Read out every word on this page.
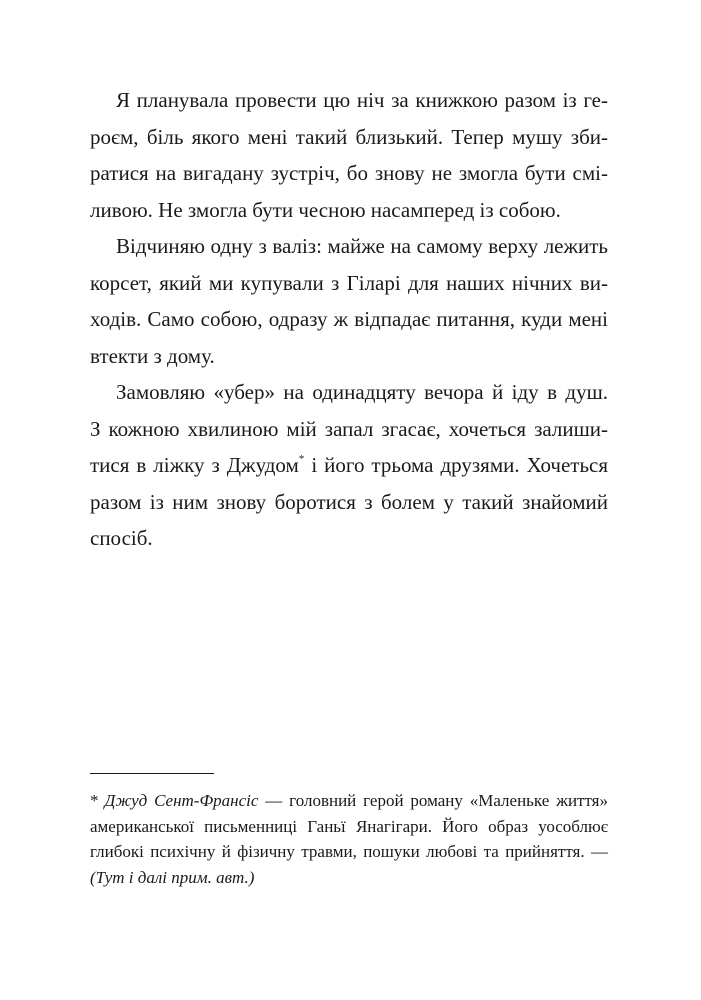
Я планувала провести цю ніч за книжкою разом із ге-
роєм, біль якого мені такий близький. Тепер мушу зби-
ратися на вигадану зустріч, бо знову не змогла бути смі-
ливою. Не змогла бути чесною насамперед із собою.
Відчиняю одну з валіз: майже на самому верху лежить
корсет, який ми купували з Гіларі для наших нічних ви-
ходів. Само собою, одразу ж відпадає питання, куди мені
втекти з дому.
Замовляю «убер» на одинадцяту вечора й іду в душ.
З кожною хвилиною мій запал згасає, хочеться залиши-
тися в ліжку з Джудом* і його трьома друзями. Хочеться
разом із ним знову боротися з болем у такий знайомий
спосіб.
* Джуд Сент-Франсіс — головний герой роману «Маленьке життя»
американської письменниці Ганьї Янагігари. Його образ уособлює
глибокі психічну й фізичну травми, пошуки любові та прийняття. —
(Тут і далі прим. авт.)
